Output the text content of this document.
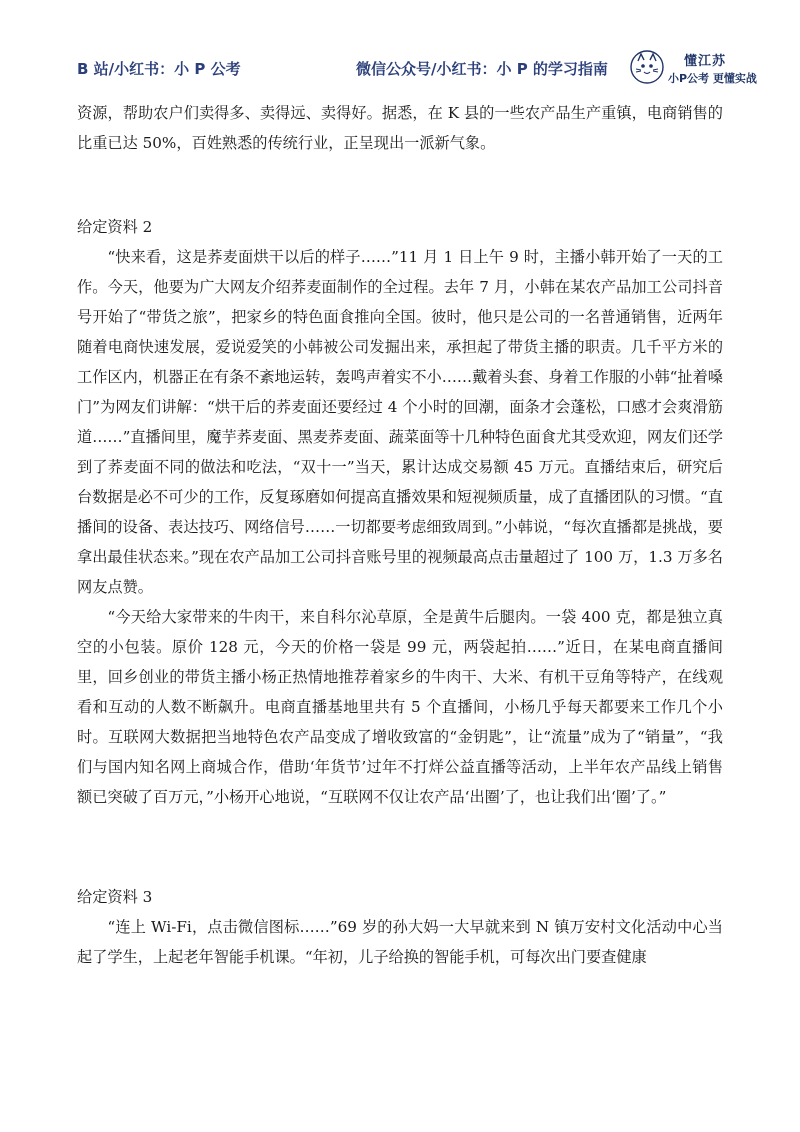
B 站/小红书：小 P 公考	微信公众号/小红书：小 P 的学习指南	懂江苏
小P公考 更懂实战

资源，帮助农户们卖得多、卖得远、卖得好。据悉，在 K 县的一些农产品生产重镇，电商销售的比重已达 50%，百姓熟悉的传统行业，正呈现出一派新气象。

给定资料 2

“快来看，这是荞麦面烘干以后的样子……”11 月 1 日上午 9 时，主播小韩开始了一天的工作。今天，他要为广大网友介绍荞麦面制作的全过程。去年 7 月，小韩在某农产品加工公司抖音号开始了“带货之旅”，把家乡的特色面食推向全国。彼时，他只是公司的一名普通销售，近两年随着电商快速发展，爱说爱笑的小韩被公司发掘出来，承担起了带货主播的职责。几千平方米的工作区内，机器正在有条不紊地运转，轰鸣声着实不小……戴着头套、身着工作服的小韩“扯着嗓门”为网友们讲解：“烘干后的荞麦面还要经过 4 个小时的回潮，面条才会蓬松，口感才会爽滑筋道……”直播间里，魔芋荞麦面、黑麦荞麦面、蔬菜面等十几种特色面食尤其受欢迎，网友们还学到了荞麦面不同的做法和吃法，“双十一”当天，累计达成交易额 45 万元。直播结束后，研究后台数据是必不可少的工作，反复琢磨如何提高直播效果和短视频质量，成了直播团队的习惯。“直播间的设备、表达技巧、网络信号……一切都要考虑细致周到。”小韩说，“每次直播都是挑战，要拿出最佳状态来。”现在农产品加工公司抖音账号里的视频最高点击量超过了 100 万，1.3 万多名网友点赞。

“今天给大家带来的牛肉干，来自科尔沁草原，全是黄牛后腿肉。一袋 400 克，都是独立真空的小包装。原价 128 元，今天的价格一袋是 99 元，两袋起拍……”近日，在某电商直播间里，回乡创业的带货主播小杨正热情地推荐着家乡的牛肉干、大米、有机干豆角等特产，在线观看和互动的人数不断飙升。电商直播基地里共有 5 个直播间，小杨几乎每天都要来工作几个小时。互联网大数据把当地特色农产品变成了增收致富的“金钥匙”，让“流量”成为了“销量”，“我们与国内知名网上商城合作，借助‘年货节’过年不打烊公益直播等活动，上半年农产品线上销售额已突破了百万元，”小杨开心地说，“互联网不仅让农产品‘出圈’了，也让我们出‘圈’了。”

给定资料 3

“连上 Wi-Fi，点击微信图标……”69 岁的孙大妈一大早就来到 N 镇万安村文化活动中心当起了学生，上起老年智能手机课。“年初，儿子给换的智能手机，可每次出门要查健康
